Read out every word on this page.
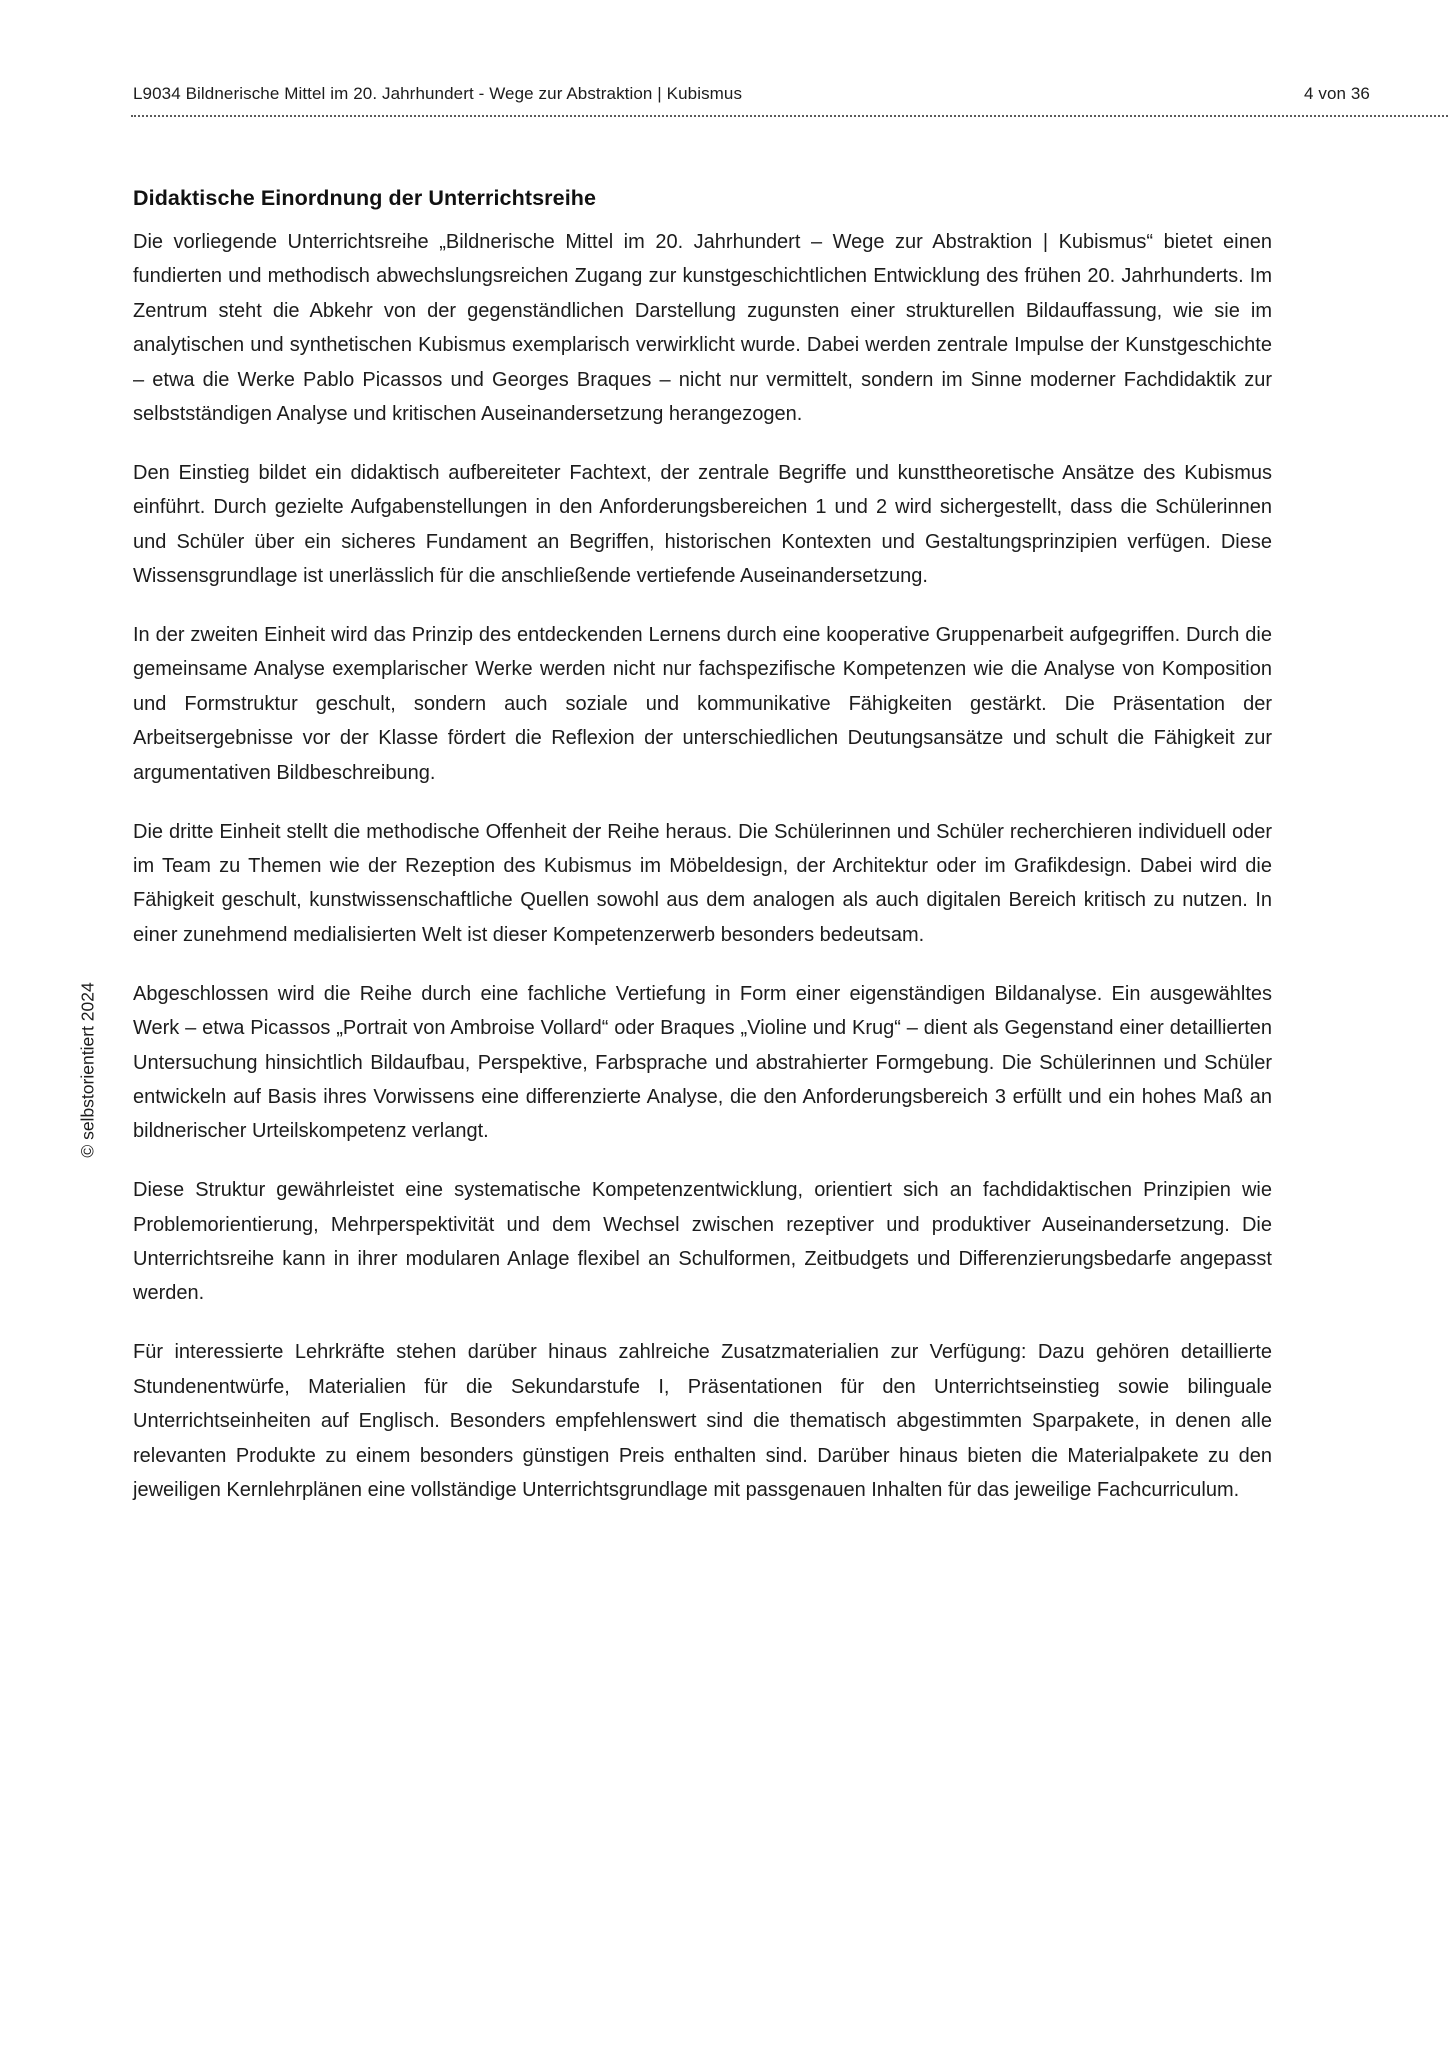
L9034 Bildnerische Mittel im 20. Jahrhundert - Wege zur Abstraktion | Kubismus	4 von 36
Didaktische Einordnung der Unterrichtsreihe

Die vorliegende Unterrichtsreihe „Bildnerische Mittel im 20. Jahrhundert – Wege zur Abstraktion | Kubismus“ bietet einen fundierten und methodisch abwechslungsreichen Zugang zur kunstgeschichtlichen Entwicklung des frühen 20. Jahrhunderts. Im Zentrum steht die Abkehr von der gegenständlichen Darstellung zugunsten einer strukturellen Bildauffassung, wie sie im analytischen und synthetischen Kubismus exemplarisch verwirklicht wurde. Dabei werden zentrale Impulse der Kunstgeschichte – etwa die Werke Pablo Picassos und Georges Braques – nicht nur vermittelt, sondern im Sinne moderner Fachdidaktik zur selbstständigen Analyse und kritischen Auseinandersetzung herangezogen.

Den Einstieg bildet ein didaktisch aufbereiteter Fachtext, der zentrale Begriffe und kunsttheoretische Ansätze des Kubismus einführt. Durch gezielte Aufgabenstellungen in den Anforderungsbereichen 1 und 2 wird sichergestellt, dass die Schülerinnen und Schüler über ein sicheres Fundament an Begriffen, historischen Kontexten und Gestaltungsprinzipien verfügen. Diese Wissensgrundlage ist unerlässlich für die anschließende vertiefende Auseinandersetzung.

In der zweiten Einheit wird das Prinzip des entdeckenden Lernens durch eine kooperative Gruppenarbeit aufgegriffen. Durch die gemeinsame Analyse exemplarischer Werke werden nicht nur fachspezifische Kompetenzen wie die Analyse von Komposition und Formstruktur geschult, sondern auch soziale und kommunikative Fähigkeiten gestärkt. Die Präsentation der Arbeitsergebnisse vor der Klasse fördert die Reflexion der unterschiedlichen Deutungsansätze und schult die Fähigkeit zur argumentativen Bildbeschreibung.

Die dritte Einheit stellt die methodische Offenheit der Reihe heraus. Die Schülerinnen und Schüler recherchieren individuell oder im Team zu Themen wie der Rezeption des Kubismus im Möbeldesign, der Architektur oder im Grafikdesign. Dabei wird die Fähigkeit geschult, kunstwissenschaftliche Quellen sowohl aus dem analogen als auch digitalen Bereich kritisch zu nutzen. In einer zunehmend medialisierten Welt ist dieser Kompetenzerwerb besonders bedeutsam.

Abgeschlossen wird die Reihe durch eine fachliche Vertiefung in Form einer eigenständigen Bildanalyse. Ein ausgewähltes Werk – etwa Picassos „Portrait von Ambroise Vollard“ oder Braques „Violine und Krug“ – dient als Gegenstand einer detaillierten Untersuchung hinsichtlich Bildaufbau, Perspektive, Farbsprache und abstrahierter Formgebung. Die Schülerinnen und Schüler entwickeln auf Basis ihres Vorwissens eine differenzierte Analyse, die den Anforderungsbereich 3 erfüllt und ein hohes Maß an bildnerischer Urteilskompetenz verlangt.

Diese Struktur gewährleistet eine systematische Kompetenzentwicklung, orientiert sich an fachdidaktischen Prinzipien wie Problemorientierung, Mehrperspektivität und dem Wechsel zwischen rezeptiver und produktiver Auseinandersetzung. Die Unterrichtsreihe kann in ihrer modularen Anlage flexibel an Schulformen, Zeitbudgets und Differenzierungsbedarfe angepasst werden.

Für interessierte Lehrkräfte stehen darüber hinaus zahlreiche Zusatzmaterialien zur Verfügung: Dazu gehören detaillierte Stundenentwürfe, Materialien für die Sekundarstufe I, Präsentationen für den Unterrichtseinstieg sowie bilinguale Unterrichtseinheiten auf Englisch. Besonders empfehlenswert sind die thematisch abgestimmten Sparpakete, in denen alle relevanten Produkte zu einem besonders günstigen Preis enthalten sind. Darüber hinaus bieten die Materialpakete zu den jeweiligen Kernlehrplänen eine vollständige Unterrichtsgrundlage mit passgenauen Inhalten für das jeweilige Fachcurriculum.

© selbstorientiert 2024
